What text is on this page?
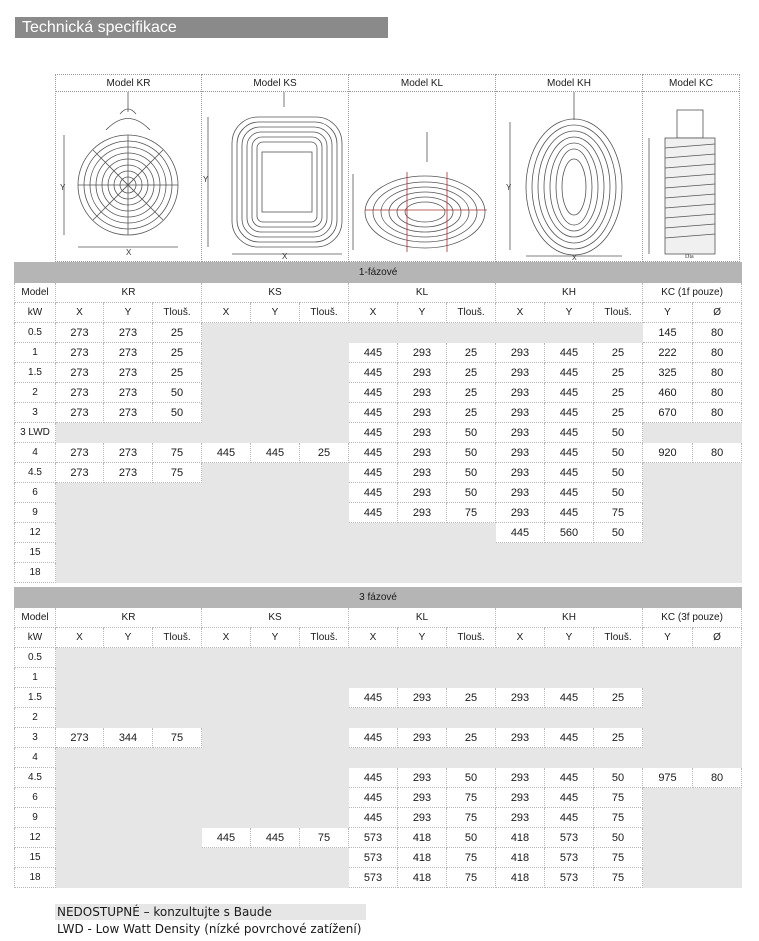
Technická specifikace
Model KR
Y
X
Model KS
Y
X
Model KL	Model KH
Y
X
Model KC
Dia
1-fázové														
Model	KR			KS			KL			KH			KC (1f pouze)	
kW	X	Y	Tlouš.	X	Y	Tlouš.	X	Y	Tlouš.	X	Y	Tlouš.	Y	Ø
0.5	273	273	25										145	80
1	273	273	25				445	293	25	293	445	25	222	80
1.5	273	273	25				445	293	25	293	445	25	325	80
2	273	273	50				445	293	25	293	445	25	460	80
3	273	273	50				445	293	25	293	445	25	670	80
3 LWD							445	293	50	293	445	50		
4	273	273	75	445	445	25	445	293	50	293	445	50	920	80
4.5	273	273	75				445	293	50	293	445	50		
6							445	293	50	293	445	50		
9							445	293	75	293	445	75		
12										445	560	50		
15														
18														
3 fázové														
Model	KR			KS			KL			KH			KC (3f pouze)	
kW	X	Y	Tlouš.	X	Y	Tlouš.	X	Y	Tlouš.	X	Y	Tlouš.	Y	Ø
0.5														
1														
1.5							445	293	25	293	445	25		
2														
3	273	344	75				445	293	25	293	445	25		
4														
4.5							445	293	50	293	445	50	975	80
6							445	293	75	293	445	75		
9							445	293	75	293	445	75		
12				445	445	75	573	418	50	418	573	50		
15							573	418	75	418	573	75		
18							573	418	75	418	573	75		
NEDOSTUPNÉ – konzultujte s Baude
LWD - Low Watt Density (nízké povrchové zatížení)
